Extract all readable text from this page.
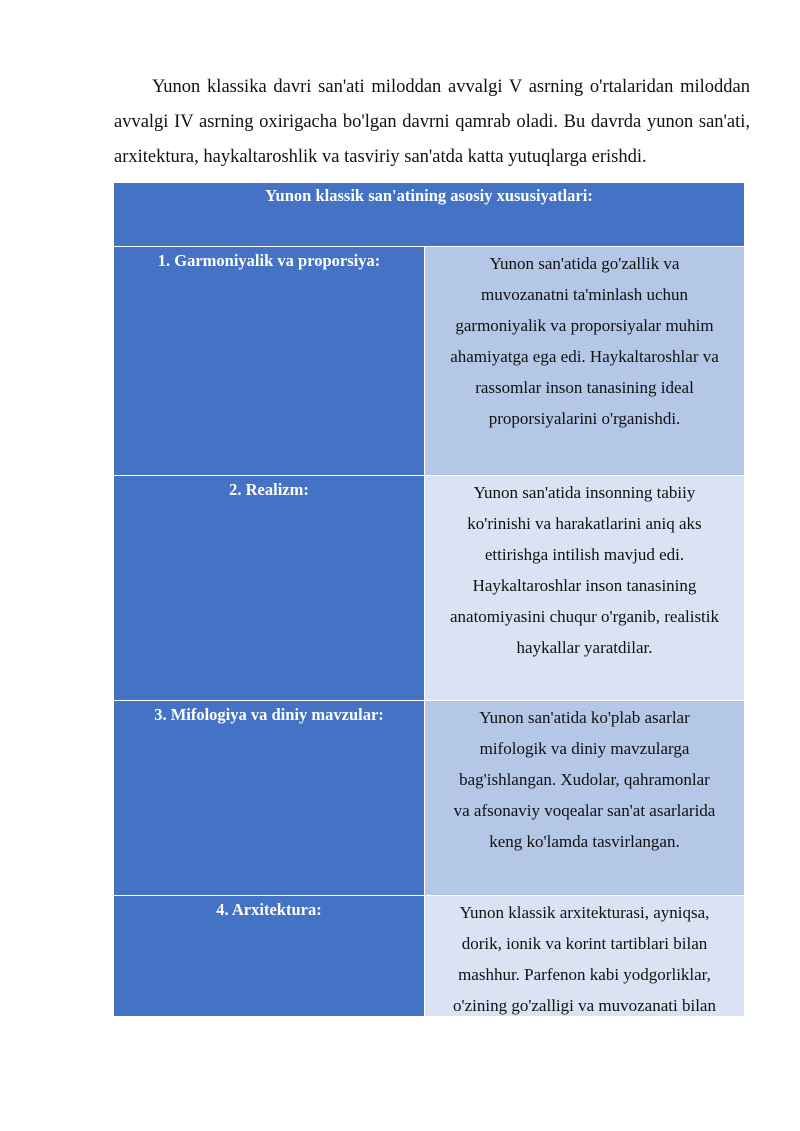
Yunon klassika davri san'ati miloddan avvalgi V asrning o'rtalaridan miloddan avvalgi IV asrning oxirigacha bo'lgan davrni qamrab oladi. Bu davrda yunon san'ati, arxitektura, haykaltaroshlik va tasviriy san'atda katta yutuqlarga erishdi.

Yunon klassik san'atining asosiy xususiyatlari:
1. Garmoniyalik va proporsiya:	Yunon san'atida go'zallik va
muvozanatni ta'minlash uchun
garmoniyalik va proporsiyalar muhim
ahamiyatga ega edi. Haykaltaroshlar va
rassomlar inson tanasining ideal
proporsiyalarini o'rganishdi.
2. Realizm:	Yunon san'atida insonning tabiiy
ko'rinishi va harakatlarini aniq aks
ettirishga intilish mavjud edi.
Haykaltaroshlar inson tanasining
anatomiyasini chuqur o'rganib, realistik
haykallar yaratdilar.
3. Mifologiya va diniy mavzular:	Yunon san'atida ko'plab asarlar
mifologik va diniy mavzularga
bag'ishlangan. Xudolar, qahramonlar
va afsonaviy voqealar san'at asarlarida
keng ko'lamda tasvirlangan.
4. Arxitektura:	Yunon klassik arxitekturasi, ayniqsa,
dorik, ionik va korint tartiblari bilan
mashhur. Parfenon kabi yodgorliklar,
o'zining go'zalligi va muvozanati bilan
